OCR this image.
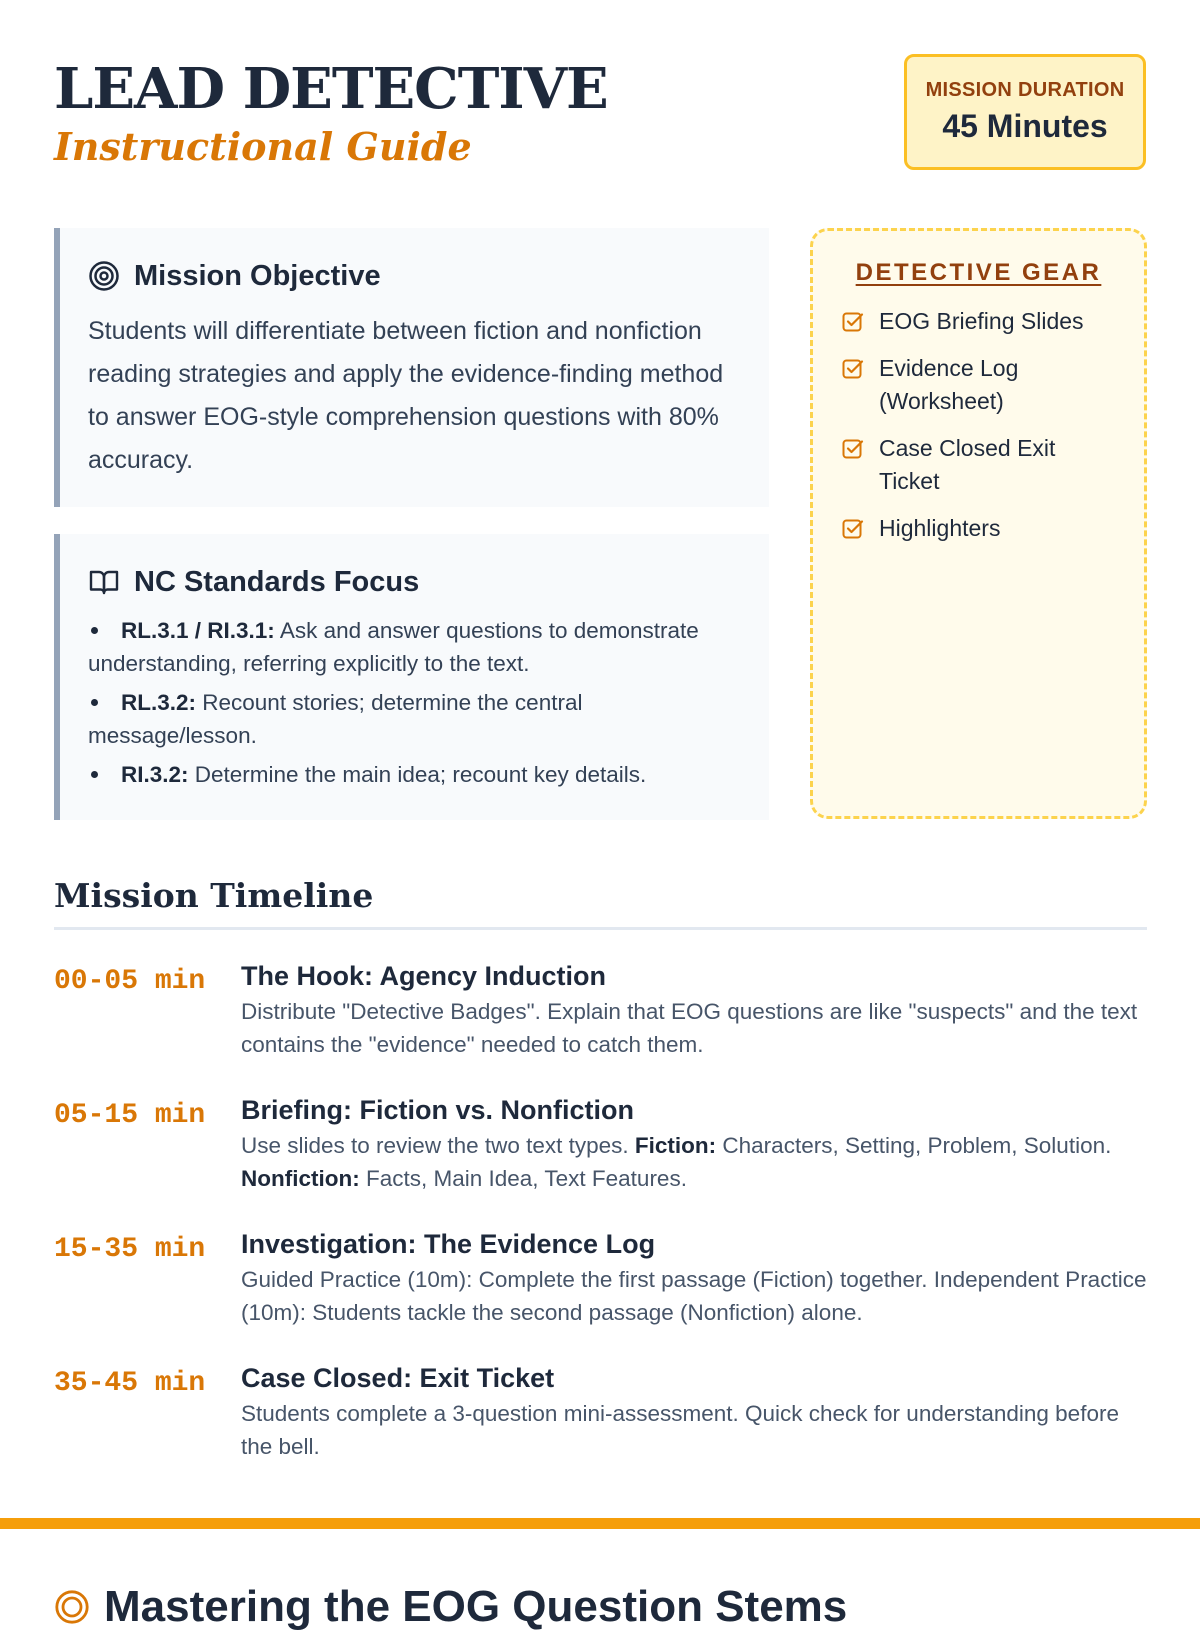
LEAD DETECTIVE
Instructional Guide
MISSION DURATION
45 Minutes
Mission Objective

Students will differentiate between fiction and nonfiction reading strategies and apply the evidence-finding method to answer EOG-style comprehension questions with 80% accuracy.

NC Standards Focus
RL.3.1 / RI.3.1: Ask and answer questions to demonstrate understanding, referring explicitly to the text.
RL.3.2: Recount stories; determine the central message/lesson.
RI.3.2: Determine the main idea; recount key details.
DETECTIVE GEAR
EOG Briefing Slides
Evidence Log (Worksheet)
Case Closed Exit Ticket
Highlighters
Mission Timeline
00-05 min	The Hook: Agency Induction
Distribute "Detective Badges". Explain that EOG questions are like "suspects" and the text contains the "evidence" needed to catch them.
05-15 min	Briefing: Fiction vs. Nonfiction
Use slides to review the two text types. Fiction: Characters, Setting, Problem, Solution. Nonfiction: Facts, Main Idea, Text Features.
15-35 min	Investigation: The Evidence Log
Guided Practice (10m): Complete the first passage (Fiction) together. Independent Practice (10m): Students tackle the second passage (Nonfiction) alone.
35-45 min	Case Closed: Exit Ticket
Students complete a 3-question mini-assessment. Quick check for understanding before the bell.
Mastering the EOG Question Stems
